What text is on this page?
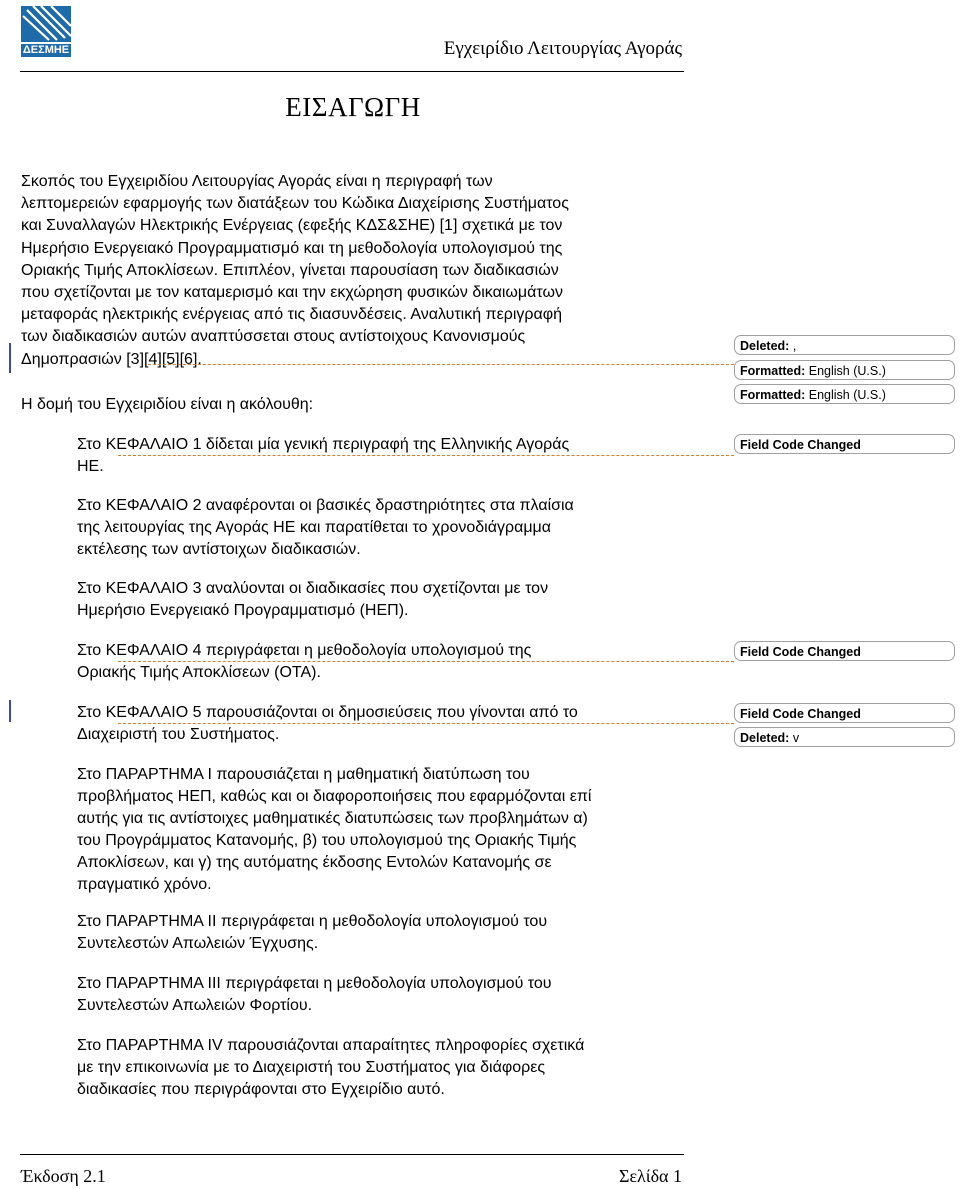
ΔΕΣΜΗΕ	Εγχειρίδιο Λειτουργίας Αγοράς
ΕΙΣΑΓΩΓΗ
Σκοπός του Εγχειριδίου Λειτουργίας Αγοράς είναι η περιγραφή των
λεπτομερειών εφαρμογής των διατάξεων του Κώδικα Διαχείρισης Συστήματος
και Συναλλαγών Ηλεκτρικής Ενέργειας (εφεξής ΚΔΣ&ΣΗΕ) [1] σχετικά με τον
Ημερήσιο Ενεργειακό Προγραμματισμό και τη μεθοδολογία υπολογισμού της
Οριακής Τιμής Αποκλίσεων. Επιπλέον, γίνεται παρουσίαση των διαδικασιών
που σχετίζονται με τον καταμερισμό και την εκχώρηση φυσικών δικαιωμάτων
μεταφοράς ηλεκτρικής ενέργειας από τις διασυνδέσεις. Αναλυτική περιγραφή
των διαδικασιών αυτών αναπτύσσεται στους αντίστοιχους Κανονισμούς
Δημοπρασιών [3][4][5][6].
Η δομή του Εγχειριδίου είναι η ακόλουθη:
Στο ΚΕΦΑΛΑΙΟ 1 δίδεται μία γενική περιγραφή της Ελληνικής Αγοράς
ΗΕ.
Στο ΚΕΦΑΛΑΙΟ 2 αναφέρονται οι βασικές δραστηριότητες στα πλαίσια
της λειτουργίας της Αγοράς ΗΕ και παρατίθεται το χρονοδιάγραμμα
εκτέλεσης των αντίστοιχων διαδικασιών.
Στο ΚΕΦΑΛΑΙΟ 3 αναλύονται οι διαδικασίες που σχετίζονται με τον
Ημερήσιο Ενεργειακό Προγραμματισμό (ΗΕΠ).
Στο ΚΕΦΑΛΑΙΟ 4 περιγράφεται η μεθοδολογία υπολογισμού της
Οριακής Τιμής Αποκλίσεων (ΟΤΑ).
Στο ΚΕΦΑΛΑΙΟ 5 παρουσιάζονται οι δημοσιεύσεις που γίνονται από το
Διαχειριστή του Συστήματος.
Στο ΠΑΡΑΡΤΗΜΑ Ι παρουσιάζεται η μαθηματική διατύπωση του
προβλήματος ΗΕΠ, καθώς και οι διαφοροποιήσεις που εφαρμόζονται επί
αυτής για τις αντίστοιχες μαθηματικές διατυπώσεις των προβλημάτων α)
του Προγράμματος Κατανομής, β) του υπολογισμού της Οριακής Τιμής
Αποκλίσεων, και γ) της αυτόματης έκδοσης Εντολών Κατανομής σε
πραγματικό χρόνο.
Στο ΠΑΡΑΡΤΗΜΑ ΙΙ περιγράφεται η μεθοδολογία υπολογισμού του
Συντελεστών Απωλειών Έγχυσης.
Στο ΠΑΡΑΡΤΗΜΑ ΙΙΙ περιγράφεται η μεθοδολογία υπολογισμού του
Συντελεστών Απωλειών Φορτίου.
Στο ΠΑΡΑΡΤΗΜΑ IV παρουσιάζονται απαραίτητες πληροφορίες σχετικά
με την επικοινωνία με το Διαχειριστή του Συστήματος για διάφορες
διαδικασίες που περιγράφονται στο Εγχειρίδιο αυτό.
Deleted: ,
Formatted: English (U.S.)
Formatted: English (U.S.)
Field Code Changed
Field Code Changed
Field Code Changed
Deleted: v
Έκδοση 2.1	Σελίδα 1
